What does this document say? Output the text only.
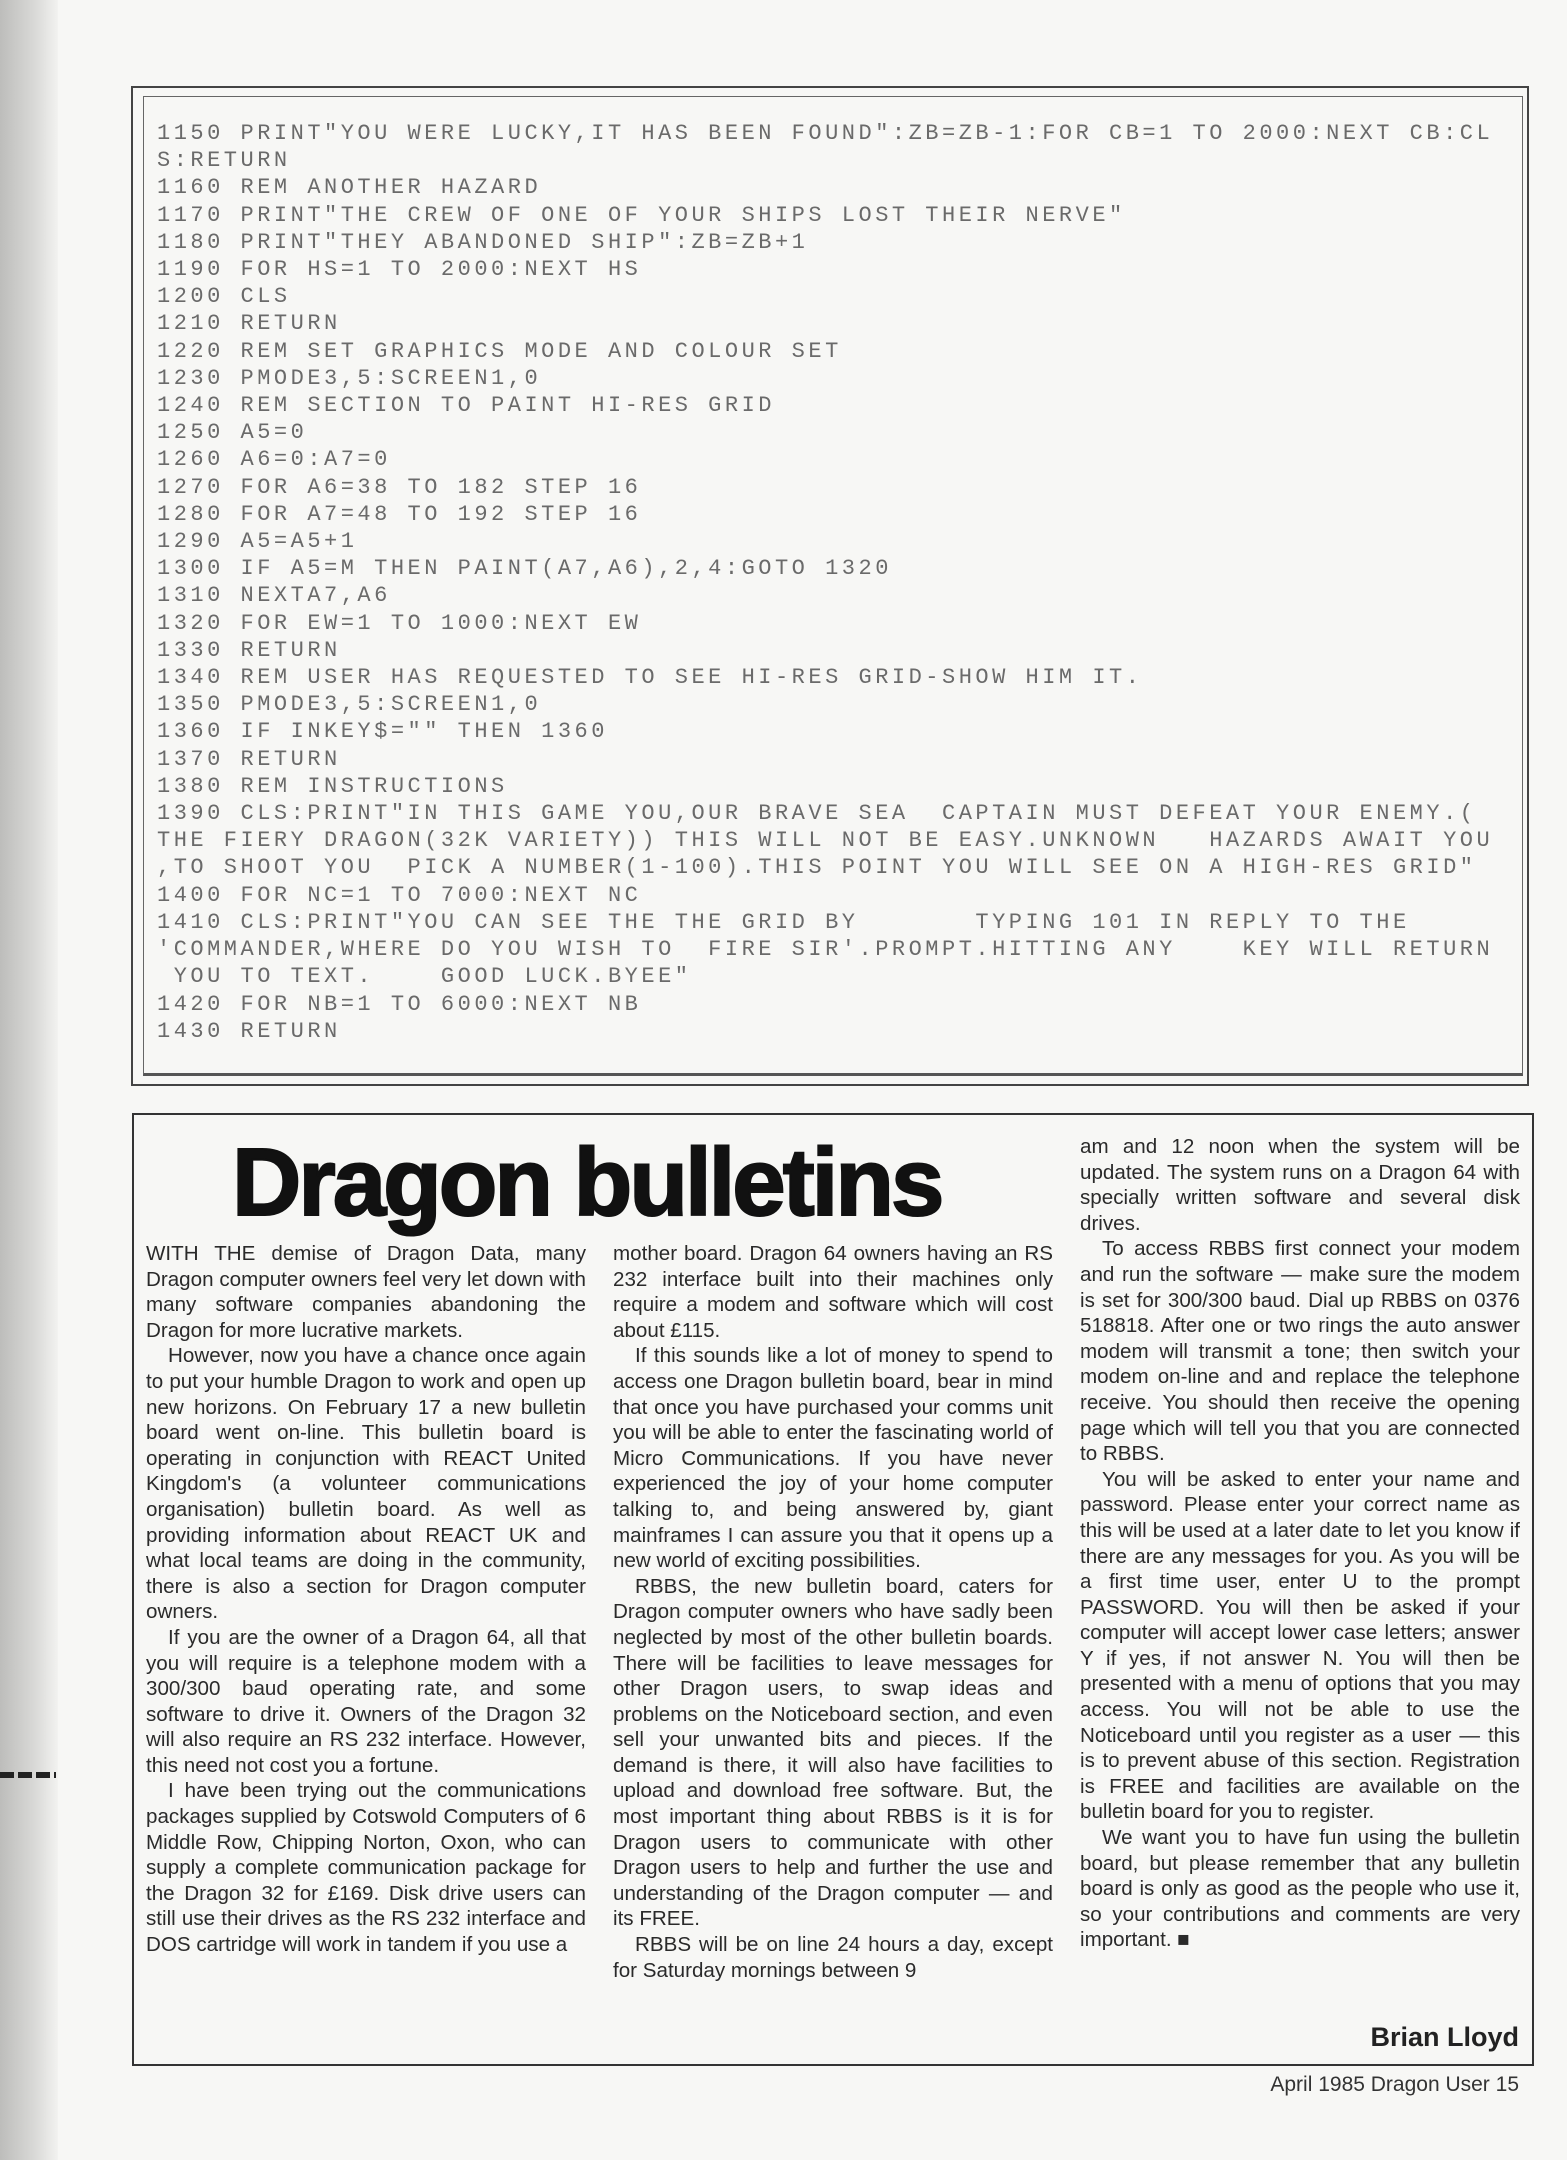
1150 PRINT"YOU WERE LUCKY,IT HAS BEEN FOUND":ZB=ZB-1:FOR CB=1 TO 2000:NEXT CB:CL
S:RETURN
1160 REM ANOTHER HAZARD
1170 PRINT"THE CREW OF ONE OF YOUR SHIPS LOST THEIR NERVE"
1180 PRINT"THEY ABANDONED SHIP":ZB=ZB+1
1190 FOR HS=1 TO 2000:NEXT HS
1200 CLS
1210 RETURN
1220 REM SET GRAPHICS MODE AND COLOUR SET
1230 PMODE3,5:SCREEN1,0
1240 REM SECTION TO PAINT HI-RES GRID
1250 A5=0
1260 A6=0:A7=0
1270 FOR A6=38 TO 182 STEP 16
1280 FOR A7=48 TO 192 STEP 16
1290 A5=A5+1
1300 IF A5=M THEN PAINT(A7,A6),2,4:GOTO 1320
1310 NEXTA7,A6
1320 FOR EW=1 TO 1000:NEXT EW
1330 RETURN
1340 REM USER HAS REQUESTED TO SEE HI-RES GRID-SHOW HIM IT.
1350 PMODE3,5:SCREEN1,0
1360 IF INKEY$="" THEN 1360
1370 RETURN
1380 REM INSTRUCTIONS
1390 CLS:PRINT"IN THIS GAME YOU,OUR BRAVE SEA  CAPTAIN MUST DEFEAT YOUR ENEMY.(
THE FIERY DRAGON(32K VARIETY)) THIS WILL NOT BE EASY.UNKNOWN   HAZARDS AWAIT YOU
,TO SHOOT YOU  PICK A NUMBER(1-100).THIS POINT YOU WILL SEE ON A HIGH-RES GRID"
1400 FOR NC=1 TO 7000:NEXT NC
1410 CLS:PRINT"YOU CAN SEE THE THE GRID BY       TYPING 101 IN REPLY TO THE
'COMMANDER,WHERE DO YOU WISH TO  FIRE SIR'.PROMPT.HITTING ANY    KEY WILL RETURN
YOU TO TEXT.    GOOD LUCK.BYEE"
1420 FOR NB=1 TO 6000:NEXT NB
1430 RETURN
Dragon bulletins

WITH THE demise of Dragon Data, many Dragon computer owners feel very let down with many software companies abandoning the Dragon for more lucrative markets.

However, now you have a chance once again to put your humble Dragon to work and open up new horizons. On February 17 a new bulletin board went on-line. This bulletin board is operating in conjunction with REACT United Kingdom's (a volunteer communications organisation) bulletin board. As well as providing information about REACT UK and what local teams are doing in the community, there is also a section for Dragon computer owners.

If you are the owner of a Dragon 64, all that you will require is a telephone modem with a 300/300 baud operating rate, and some software to drive it. Owners of the Dragon 32 will also require an RS 232 interface. However, this need not cost you a fortune.

I have been trying out the communications packages supplied by Cotswold Computers of 6 Middle Row, Chipping Norton, Oxon, who can supply a complete communication package for the Dragon 32 for £169. Disk drive users can still use their drives as the RS 232 interface and DOS cartridge will work in tandem if you use a

mother board. Dragon 64 owners having an RS 232 interface built into their machines only require a modem and software which will cost about £115.

If this sounds like a lot of money to spend to access one Dragon bulletin board, bear in mind that once you have purchased your comms unit you will be able to enter the fascinating world of Micro Communications. If you have never experienced the joy of your home computer talking to, and being answered by, giant mainframes I can assure you that it opens up a new world of exciting possibilities.

RBBS, the new bulletin board, caters for Dragon computer owners who have sadly been neglected by most of the other bulletin boards. There will be facilities to leave messages for other Dragon users, to swap ideas and problems on the Noticeboard section, and even sell your unwanted bits and pieces. If the demand is there, it will also have facilities to upload and download free software. But, the most important thing about RBBS is it is for Dragon users to communicate with other Dragon users to help and further the use and understanding of the Dragon computer — and its FREE.

RBBS will be on line 24 hours a day, except for Saturday mornings between 9

am and 12 noon when the system will be updated. The system runs on a Dragon 64 with specially written software and several disk drives.

To access RBBS first connect your modem and run the software — make sure the modem is set for 300/300 baud. Dial up RBBS on 0376 518818. After one or two rings the auto answer modem will transmit a tone; then switch your modem on-line and and replace the telephone receive. You should then receive the opening page which will tell you that you are connected to RBBS.

You will be asked to enter your name and password. Please enter your correct name as this will be used at a later date to let you know if there are any messages for you. As you will be a first time user, enter U to the prompt PASSWORD. You will then be asked if your computer will accept lower case letters; answer Y if yes, if not answer N. You will then be presented with a menu of options that you may access. You will not be able to use the Noticeboard until you register as a user — this is to prevent abuse of this section. Registration is FREE and facilities are available on the bulletin board for you to register.

We want you to have fun using the bulletin board, but please remember that any bulletin board is only as good as the people who use it, so your contributions and comments are very important. ■

Brian Lloyd
April 1985 Dragon User 15
